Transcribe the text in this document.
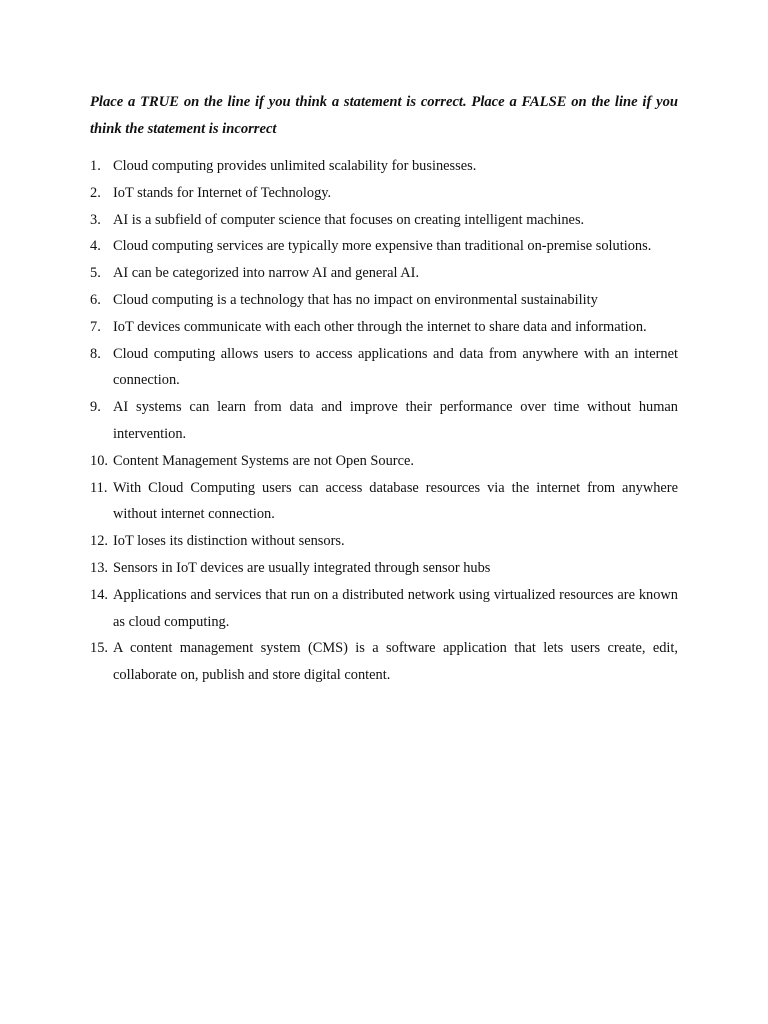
Place a TRUE on the line if you think a statement is correct. Place a FALSE on the line if you think the statement is incorrect

1. Cloud computing provides unlimited scalability for businesses.
2. IoT stands for Internet of Technology.
3. AI is a subfield of computer science that focuses on creating intelligent machines.
4. Cloud computing services are typically more expensive than traditional on-premise solutions.
5. AI can be categorized into narrow AI and general AI.
6. Cloud computing is a technology that has no impact on environmental sustainability
7. IoT devices communicate with each other through the internet to share data and information.
8. Cloud computing allows users to access applications and data from anywhere with an internet connection.
9. AI systems can learn from data and improve their performance over time without human intervention.
10. Content Management Systems are not Open Source.
11. With Cloud Computing users can access database resources via the internet from anywhere without internet connection.
12. IoT loses its distinction without sensors.
13. Sensors in IoT devices are usually integrated through sensor hubs
14. Applications and services that run on a distributed network using virtualized resources are known as cloud computing.
15. A content management system (CMS) is a software application that lets users create, edit, collaborate on, publish and store digital content.
